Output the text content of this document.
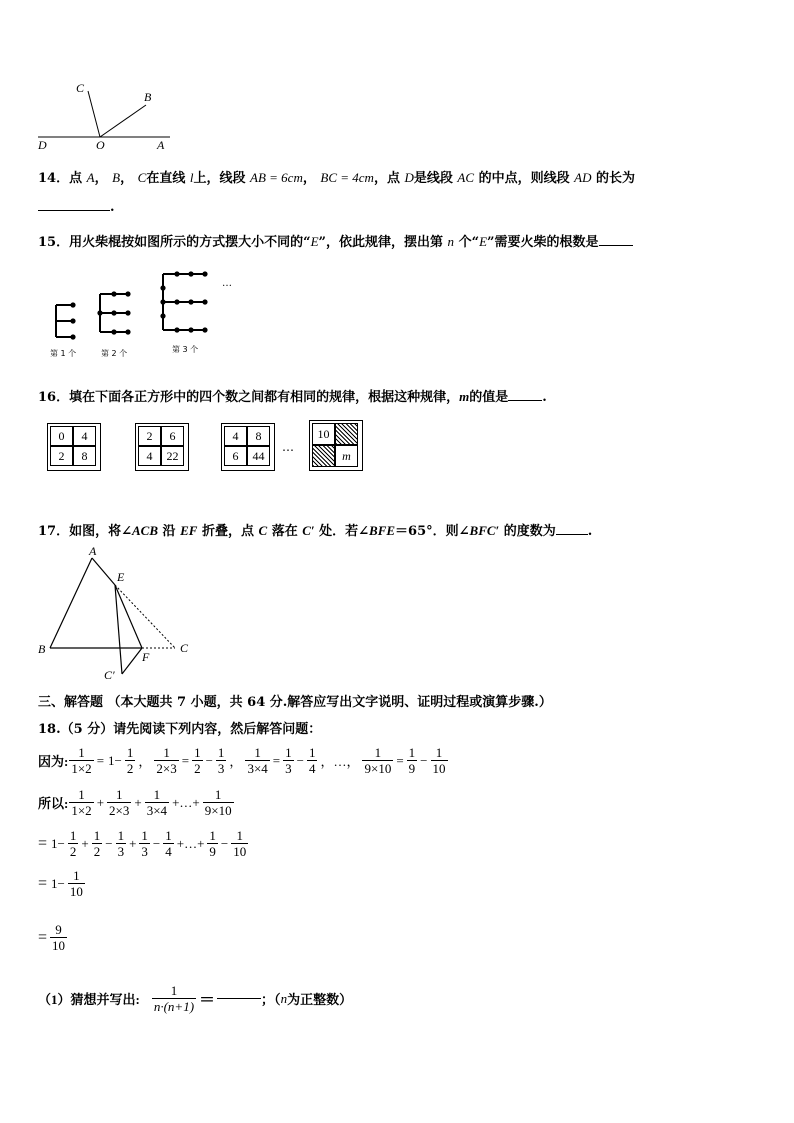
C
B
D	O	A
14．点 A， B， C在直线 l上，线段 AB = 6cm， BC = 4cm，点 D是线段 AC 的中点，则线段 AD 的长为
.
15．用火柴棍按如图所示的方式摆大小不同的“E”，依此规律，摆出第 n 个“E”需要火柴的根数是
…
第 1 个	第 2 个	第 3 个
16．填在下面各正方形中的四个数之间都有相同的规律，根据这种规律，m的值是	.
0	4
2	8
2	6
4	22
4	8
6	44
…
10
m
17．如图，将∠ACB 沿 EF 折叠，点 C 落在 C′ 处．若∠BFE＝65°．则∠BFC′ 的度数为 .
A
E
B	C
F
C′
三、解答题 （本大题共 7 小题，共 64 分.解答应写出文字说明、证明过程或演算步骤.）
18.（5 分）请先阅读下列内容，然后解答问题：
因为: $\frac{1}{1\times 2} = 1- \frac{1}{2}$ ， $\frac{1}{2\times 3} = \frac{1}{2} - \frac{1}{3}$ ， $\frac{1}{3\times 4} = \frac{1}{3} - \frac{1}{4}$ ，…， $\frac{1}{9\times 10} = \frac{1}{9} - \frac{1}{10}$
所以: $\frac{1}{1\times 2} + \frac{1}{2\times 3} + \frac{1}{3\times 4}$ +…+ $\frac{1}{9\times 10}$
= $1- \frac{1}{2} + \frac{1}{2} - \frac{1}{3} + \frac{1}{3} - \frac{1}{4}$ +…+ $\frac{1}{9} - \frac{1}{10}$
= $1- \frac{1}{10}$
= $\frac{9}{10}$
（1）猜想并写出: $\frac{1}{n\cdot(n+1)}$ ＝	；（ n 为正整数）
